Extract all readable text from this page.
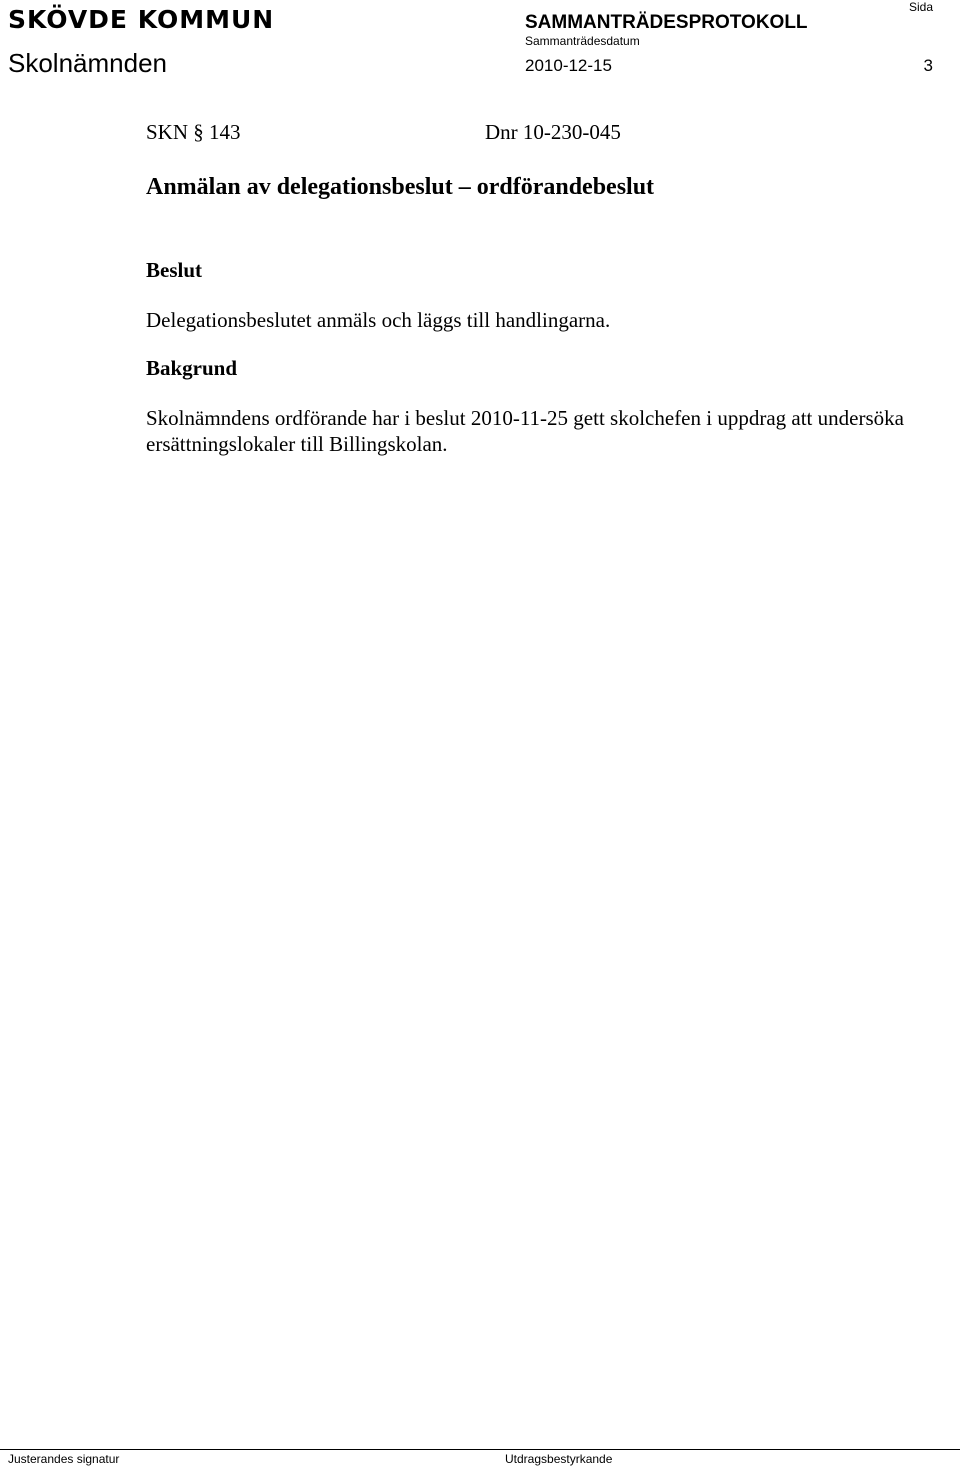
SKÖVDE KOMMUN
Skolnämnden
SAMMANTRÄDESPROTOKOLL
Sammanträdesdatum
2010-12-15
Sida
3
SKN § 143	Dnr 10-230-045
Anmälan av delegationsbeslut – ordförandebeslut
Beslut
Delegationsbeslutet anmäls och läggs till handlingarna.
Bakgrund
Skolnämndens ordförande har i beslut 2010-11-25 gett skolchefen i uppdrag att undersöka ersättningslokaler till Billingskolan.
Justerandes signatur	Utdragsbestyrkande
